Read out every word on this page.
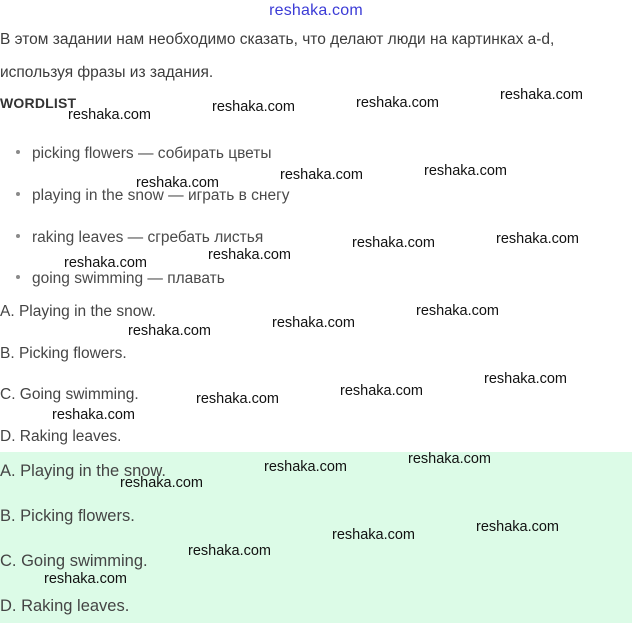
reshaka.com
В этом задании нам необходимо сказать, что делают люди на картинках a-d,
используя фразы из задания.
WORDLIST
picking flowers — собирать цветы
playing in the snow — играть в снегу
raking leaves — сгребать листья
going swimming — плавать
A. Playing in the snow.
B. Picking flowers.
C. Going swimming.
D. Raking leaves.
A. Playing in the snow.
B. Picking flowers.
C. Going swimming.
D. Raking leaves.
reshaka.com	reshaka.com	reshaka.com
reshaka.com
reshaka.com	reshaka.com
reshaka.com
reshaka.com	reshaka.com
reshaka.com
reshaka.com
reshaka.com
reshaka.com
reshaka.com
reshaka.com
reshaka.com
reshaka.com
reshaka.com
reshaka.com
reshaka.com
reshaka.com
reshaka.com
reshaka.com
reshaka.com
reshaka.com
